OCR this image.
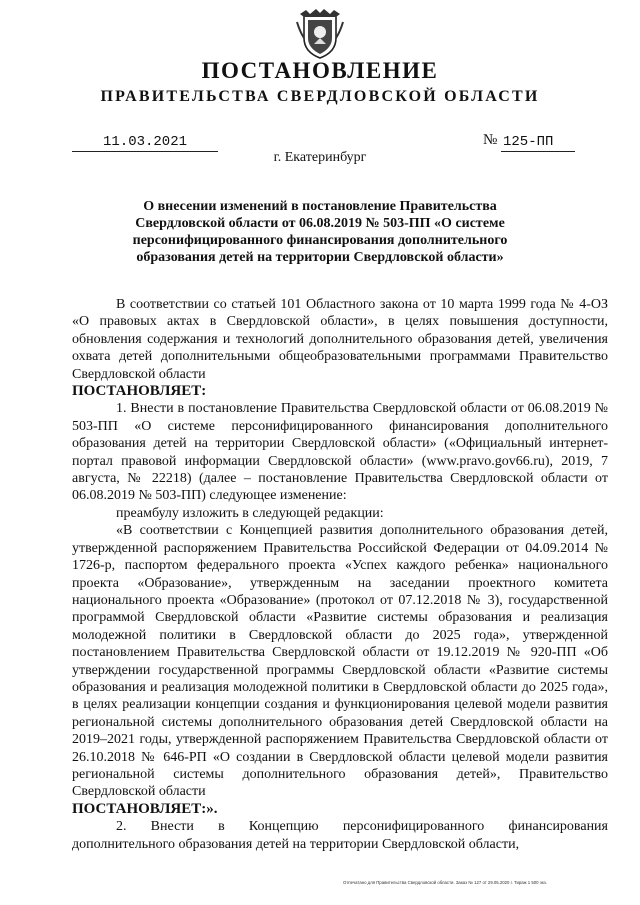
ПОСТАНОВЛЕНИЕ
ПРАВИТЕЛЬСТВА СВЕРДЛОВСКОЙ ОБЛАСТИ
11.03.2021	№ 125-ПП
г. Екатеринбург
О внесении изменений в постановление Правительства Свердловской области от 06.08.2019 № 503-ПП «О системе персонифицированного финансирования дополнительного образования детей на территории Свердловской области»

В соответствии со статьей 101 Областного закона от 10 марта 1999 года № 4-ОЗ «О правовых актах в Свердловской области», в целях повышения доступности, обновления содержания и технологий дополнительного образования детей, увеличения охвата детей дополнительными общеобразовательными программами Правительство Свердловской области

ПОСТАНОВЛЯЕТ:

1. Внести в постановление Правительства Свердловской области от 06.08.2019 № 503-ПП «О системе персонифицированного финансирования дополнительного образования детей на территории Свердловской области» («Официальный интернет-портал правовой информации Свердловской области» (www.pravo.gov66.ru), 2019, 7 августа, № 22218) (далее – постановление Правительства Свердловской области от 06.08.2019 № 503-ПП) следующее изменение:

преамбулу изложить в следующей редакции:

«В соответствии с Концепцией развития дополнительного образования детей, утвержденной распоряжением Правительства Российской Федерации от 04.09.2014 № 1726-р, паспортом федерального проекта «Успех каждого ребенка» национального проекта «Образование», утвержденным на заседании проектного комитета национального проекта «Образование» (протокол от 07.12.2018 № 3), государственной программой Свердловской области «Развитие системы образования и реализация молодежной политики в Свердловской области до 2025 года», утвержденной постановлением Правительства Свердловской области от 19.12.2019 № 920-ПП «Об утверждении государственной программы Свердловской области «Развитие системы образования и реализация молодежной политики в Свердловской области до 2025 года», в целях реализации концепции создания и функционирования целевой модели развития региональной системы дополнительного образования детей Свердловской области на 2019–2021 годы, утвержденной распоряжением Правительства Свердловской области от 26.10.2018 № 646-РП «О создании в Свердловской области целевой модели развития региональной системы дополнительного образования детей», Правительство Свердловской области

ПОСТАНОВЛЯЕТ:».

2. Внести в Концепцию персонифицированного финансирования дополнительного образования детей на территории Свердловской области,

Отпечатано для Правительства Свердловской области. Заказ № 127 от 29.05.2020 г. Тираж 1 500 экз.
